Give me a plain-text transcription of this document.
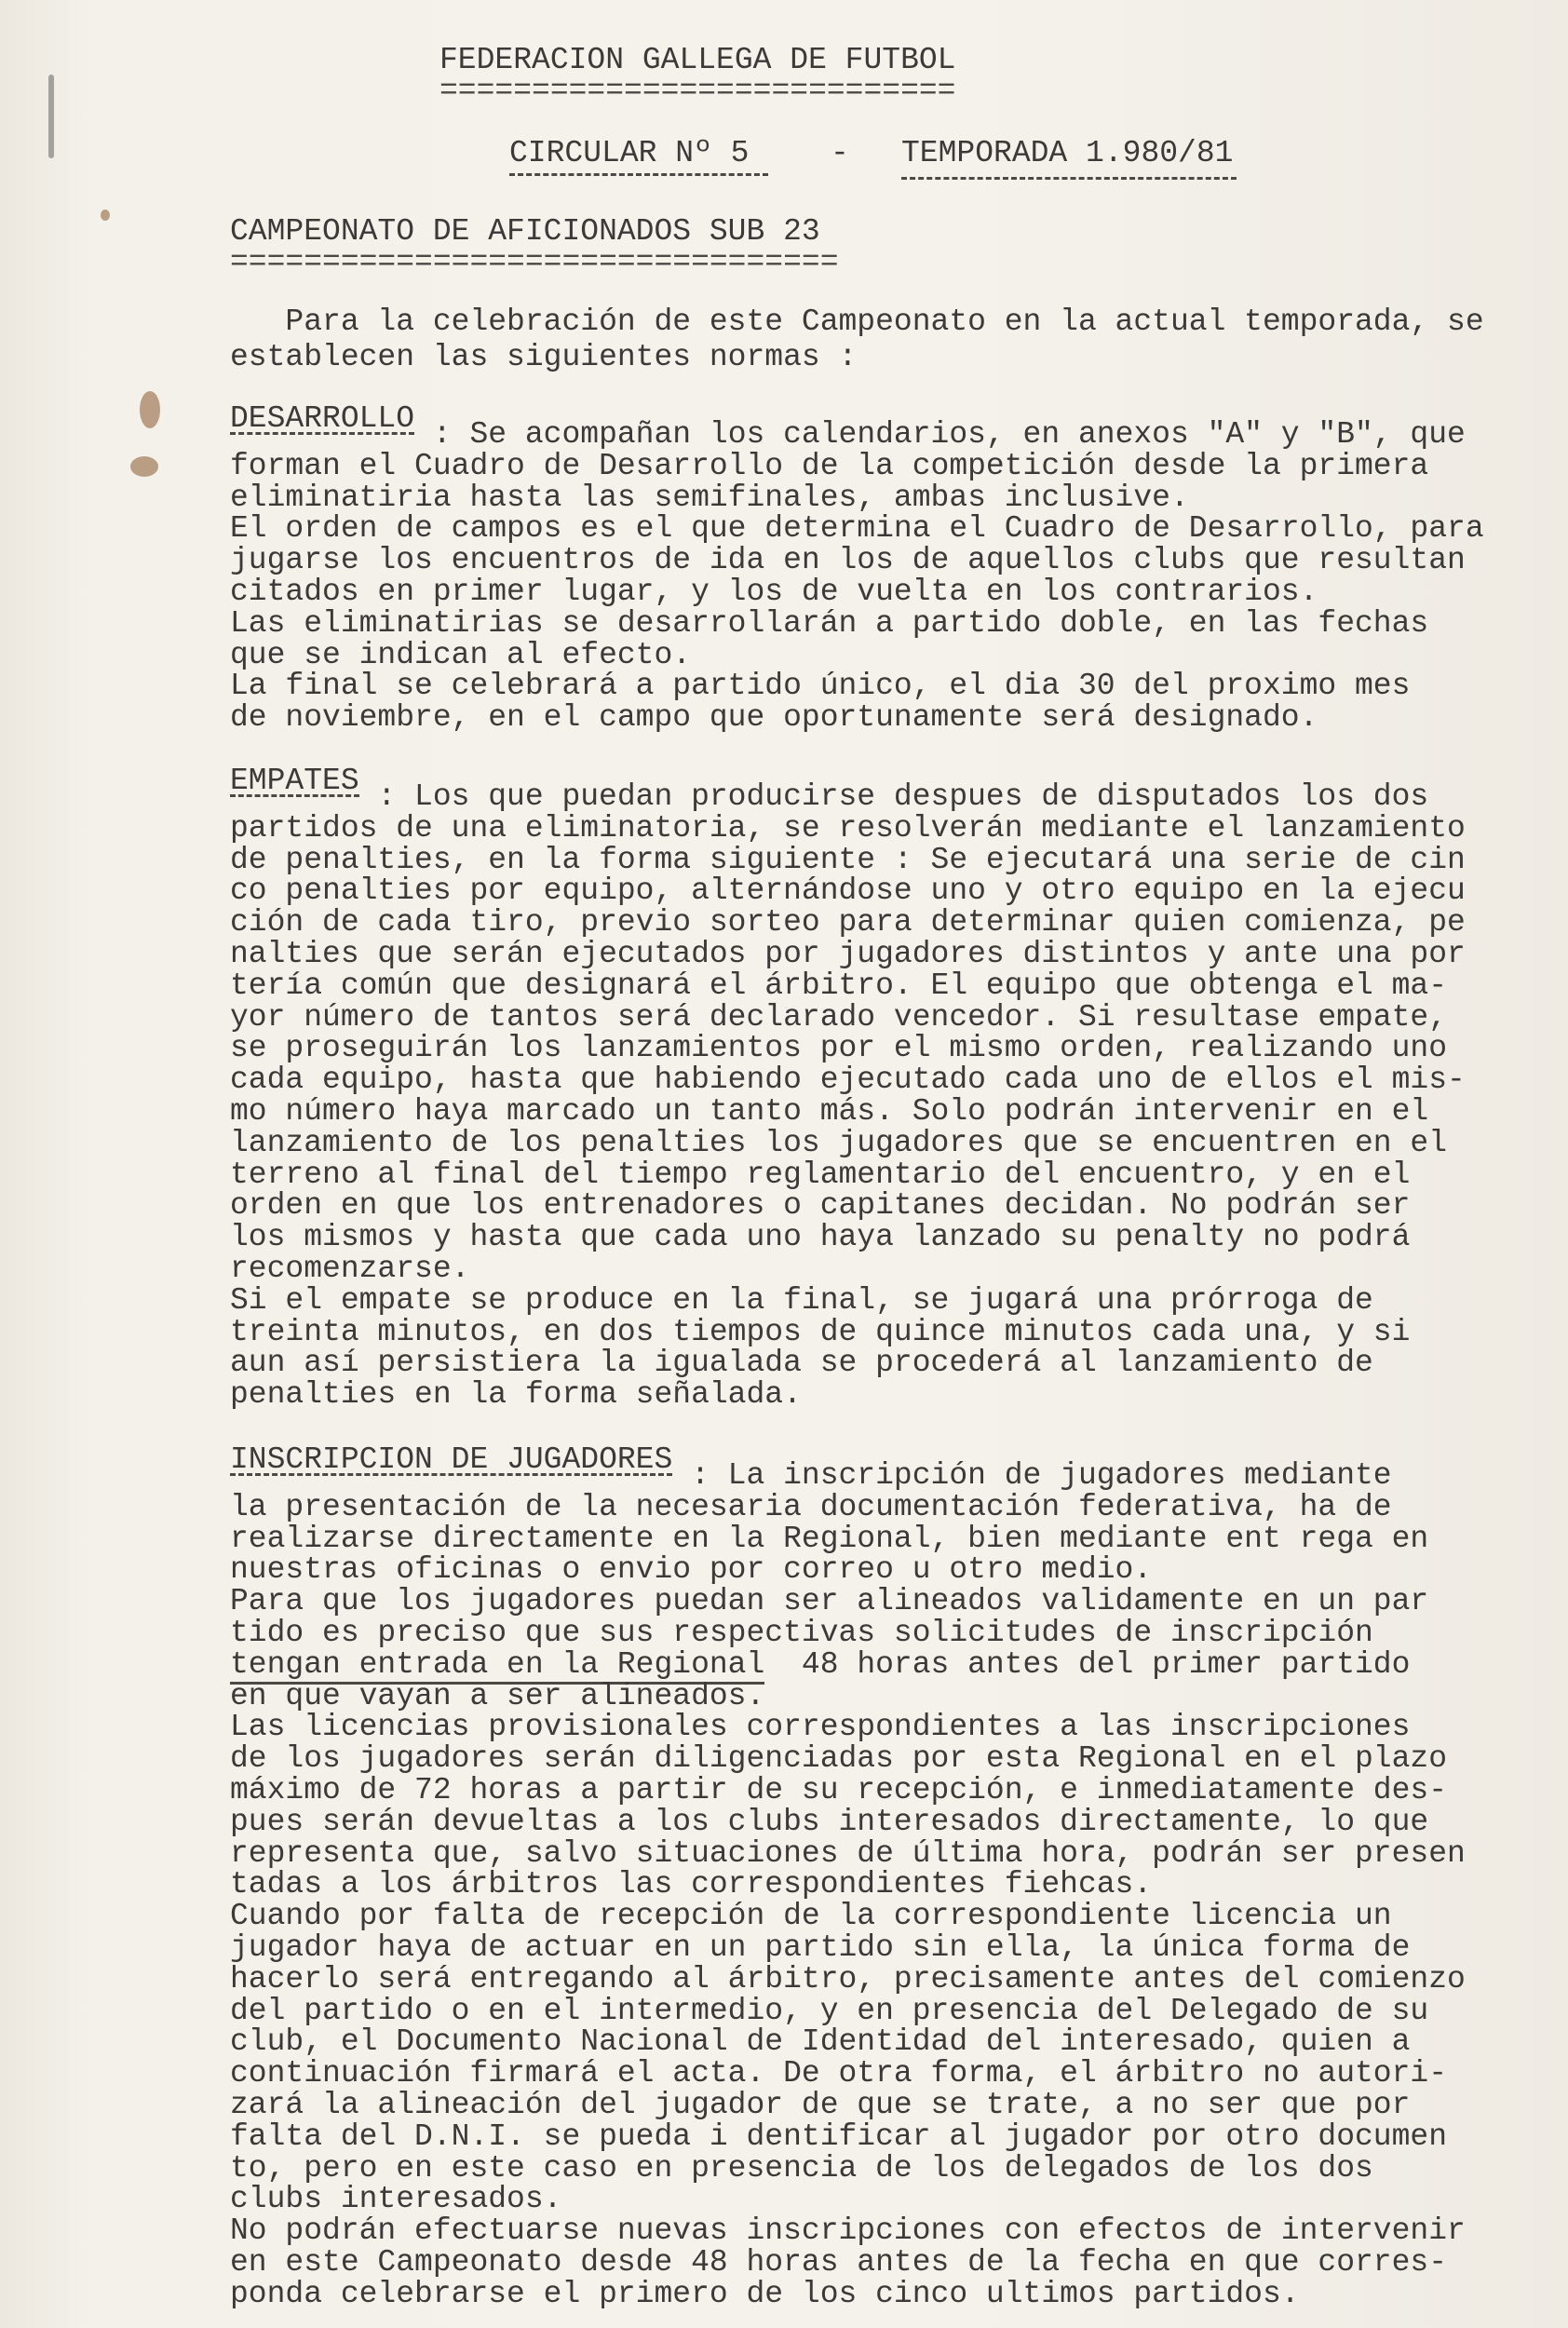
FEDERACION GALLEGA DE FUTBOL
============================
CIRCULAR Nº 5	- TEMPORADA 1.980/81
CAMPEONATO DE AFICIONADOS SUB 23
=================================
Para la celebración de este Campeonato en la actual temporada, se
establecen las siguientes normas :
DESARROLLO : Se acompañan los calendarios, en anexos "A" y "B", que
forman el Cuadro de Desarrollo de la competición desde la primera
eliminatiria hasta las semifinales, ambas inclusive.
El orden de campos es el que determina el Cuadro de Desarrollo, para
jugarse los encuentros de ida en los de aquellos clubs que resultan
citados en primer lugar, y los de vuelta en los contrarios.
Las eliminatirias se desarrollarán a partido doble, en las fechas
que se indican al efecto.
La final se celebrará a partido único, el dia 30 del proximo mes
de noviembre, en el campo que oportunamente será designado.
EMPATES : Los que puedan producirse despues de disputados los dos
partidos de una eliminatoria, se resolverán mediante el lanzamiento
de penalties, en la forma siguiente : Se ejecutará una serie de cin
co penalties por equipo, alternándose uno y otro equipo en la ejecu
ción de cada tiro, previo sorteo para determinar quien comienza, pe
nalties que serán ejecutados por jugadores distintos y ante una por
tería común que designará el árbitro. El equipo que obtenga el ma-
yor número de tantos será declarado vencedor. Si resultase empate,
se proseguirán los lanzamientos por el mismo orden, realizando uno
cada equipo, hasta que habiendo ejecutado cada uno de ellos el mis-
mo número haya marcado un tanto más. Solo podrán intervenir en el
lanzamiento de los penalties los jugadores que se encuentren en el
terreno al final del tiempo reglamentario del encuentro, y en el
orden en que los entrenadores o capitanes decidan. No podrán ser
los mismos y hasta que cada uno haya lanzado su penalty no podrá
recomenzarse.
Si el empate se produce en la final, se jugará una prórroga de
treinta minutos, en dos tiempos de quince minutos cada una, y si
aun así persistiera la igualada se procederá al lanzamiento de
penalties en la forma señalada.
INSCRIPCION DE JUGADORES : La inscripción de jugadores mediante
la presentación de la necesaria documentación federativa, ha de
realizarse directamente en la Regional, bien mediante ent rega en
nuestras oficinas o envio por correo u otro medio.
Para que los jugadores puedan ser alineados validamente en un par
tido es preciso que sus respectivas solicitudes de inscripción
tengan entrada en la Regional  48 horas antes del primer partido
en que vayan a ser alineados.
Las licencias provisionales correspondientes a las inscripciones
de los jugadores serán diligenciadas por esta Regional en el plazo
máximo de 72 horas a partir de su recepción, e inmediatamente des-
pues serán devueltas a los clubs interesados directamente, lo que
representa que, salvo situaciones de última hora, podrán ser presen
tadas a los árbitros las correspondientes fiehcas.
Cuando por falta de recepción de la correspondiente licencia un
jugador haya de actuar en un partido sin ella, la única forma de
hacerlo será entregando al árbitro, precisamente antes del comienzo
del partido o en el intermedio, y en presencia del Delegado de su
club, el Documento Nacional de Identidad del interesado, quien a
continuación firmará el acta. De otra forma, el árbitro no autori-
zará la alineación del jugador de que se trate, a no ser que por
falta del D.N.I. se pueda i dentificar al jugador por otro documen
to, pero en este caso en presencia de los delegados de los dos
clubs interesados.
No podrán efectuarse nuevas inscripciones con efectos de intervenir
en este Campeonato desde 48 horas antes de la fecha en que corres-
ponda celebrarse el primero de los cinco ultimos partidos.
